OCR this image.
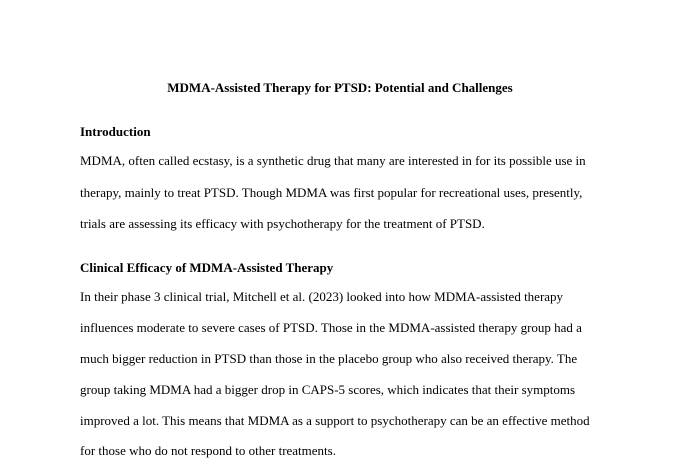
MDMA-Assisted Therapy for PTSD: Potential and Challenges
Introduction

MDMA, often called ecstasy, is a synthetic drug that many are interested in for its possible use in

therapy, mainly to treat PTSD. Though MDMA was first popular for recreational uses, presently,

trials are assessing its efficacy with psychotherapy for the treatment of PTSD.

Clinical Efficacy of MDMA-Assisted Therapy

In their phase 3 clinical trial, Mitchell et al. (2023) looked into how MDMA-assisted therapy

influences moderate to severe cases of PTSD. Those in the MDMA-assisted therapy group had a

much bigger reduction in PTSD than those in the placebo group who also received therapy. The

group taking MDMA had a bigger drop in CAPS-5 scores, which indicates that their symptoms

improved a lot. This means that MDMA as a support to psychotherapy can be an effective method

for those who do not respond to other treatments.
